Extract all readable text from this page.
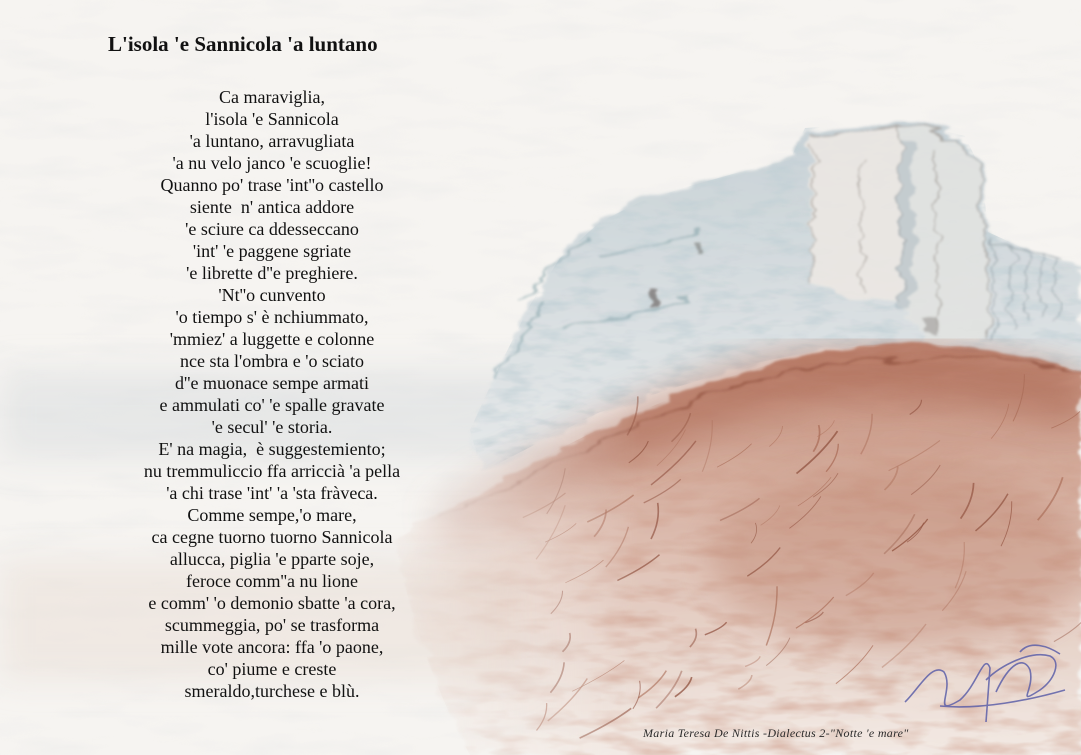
L'isola 'e Sannicola 'a luntano
Ca maraviglia,
l'isola 'e Sannicola
'a luntano, arravugliata
'a nu velo janco 'e scuoglie!
Quanno po' trase 'int''o castello
siente  n' antica addore
'e sciure ca ddesseccano
'int' 'e paggene sgriate
'e librette d''e preghiere.
'Nt''o cunvento
'o tiempo s' è nchiummato,
'mmiez' a luggette e colonne
nce sta l'ombra e 'o sciato
d''e muonace sempe armati
e ammulati co' 'e spalle gravate
'e secul' 'e storia.
E' na magia,  è suggestemiento;
nu tremmuliccio ffa arriccià 'a pella
'a chi trase 'int' 'a 'sta fràveca.
Comme sempe,'o mare,
ca cegne tuorno tuorno Sannicola
allucca, piglia 'e pparte soje,
feroce comm''a nu lione
e comm' 'o demonio sbatte 'a cora,
scummeggia, po' se trasforma
mille vote ancora: ffa 'o paone,
co' piume e creste
smeraldo,turchese e blù.
Maria Teresa De Nittis -Dialectus 2-"Notte 'e mare"
